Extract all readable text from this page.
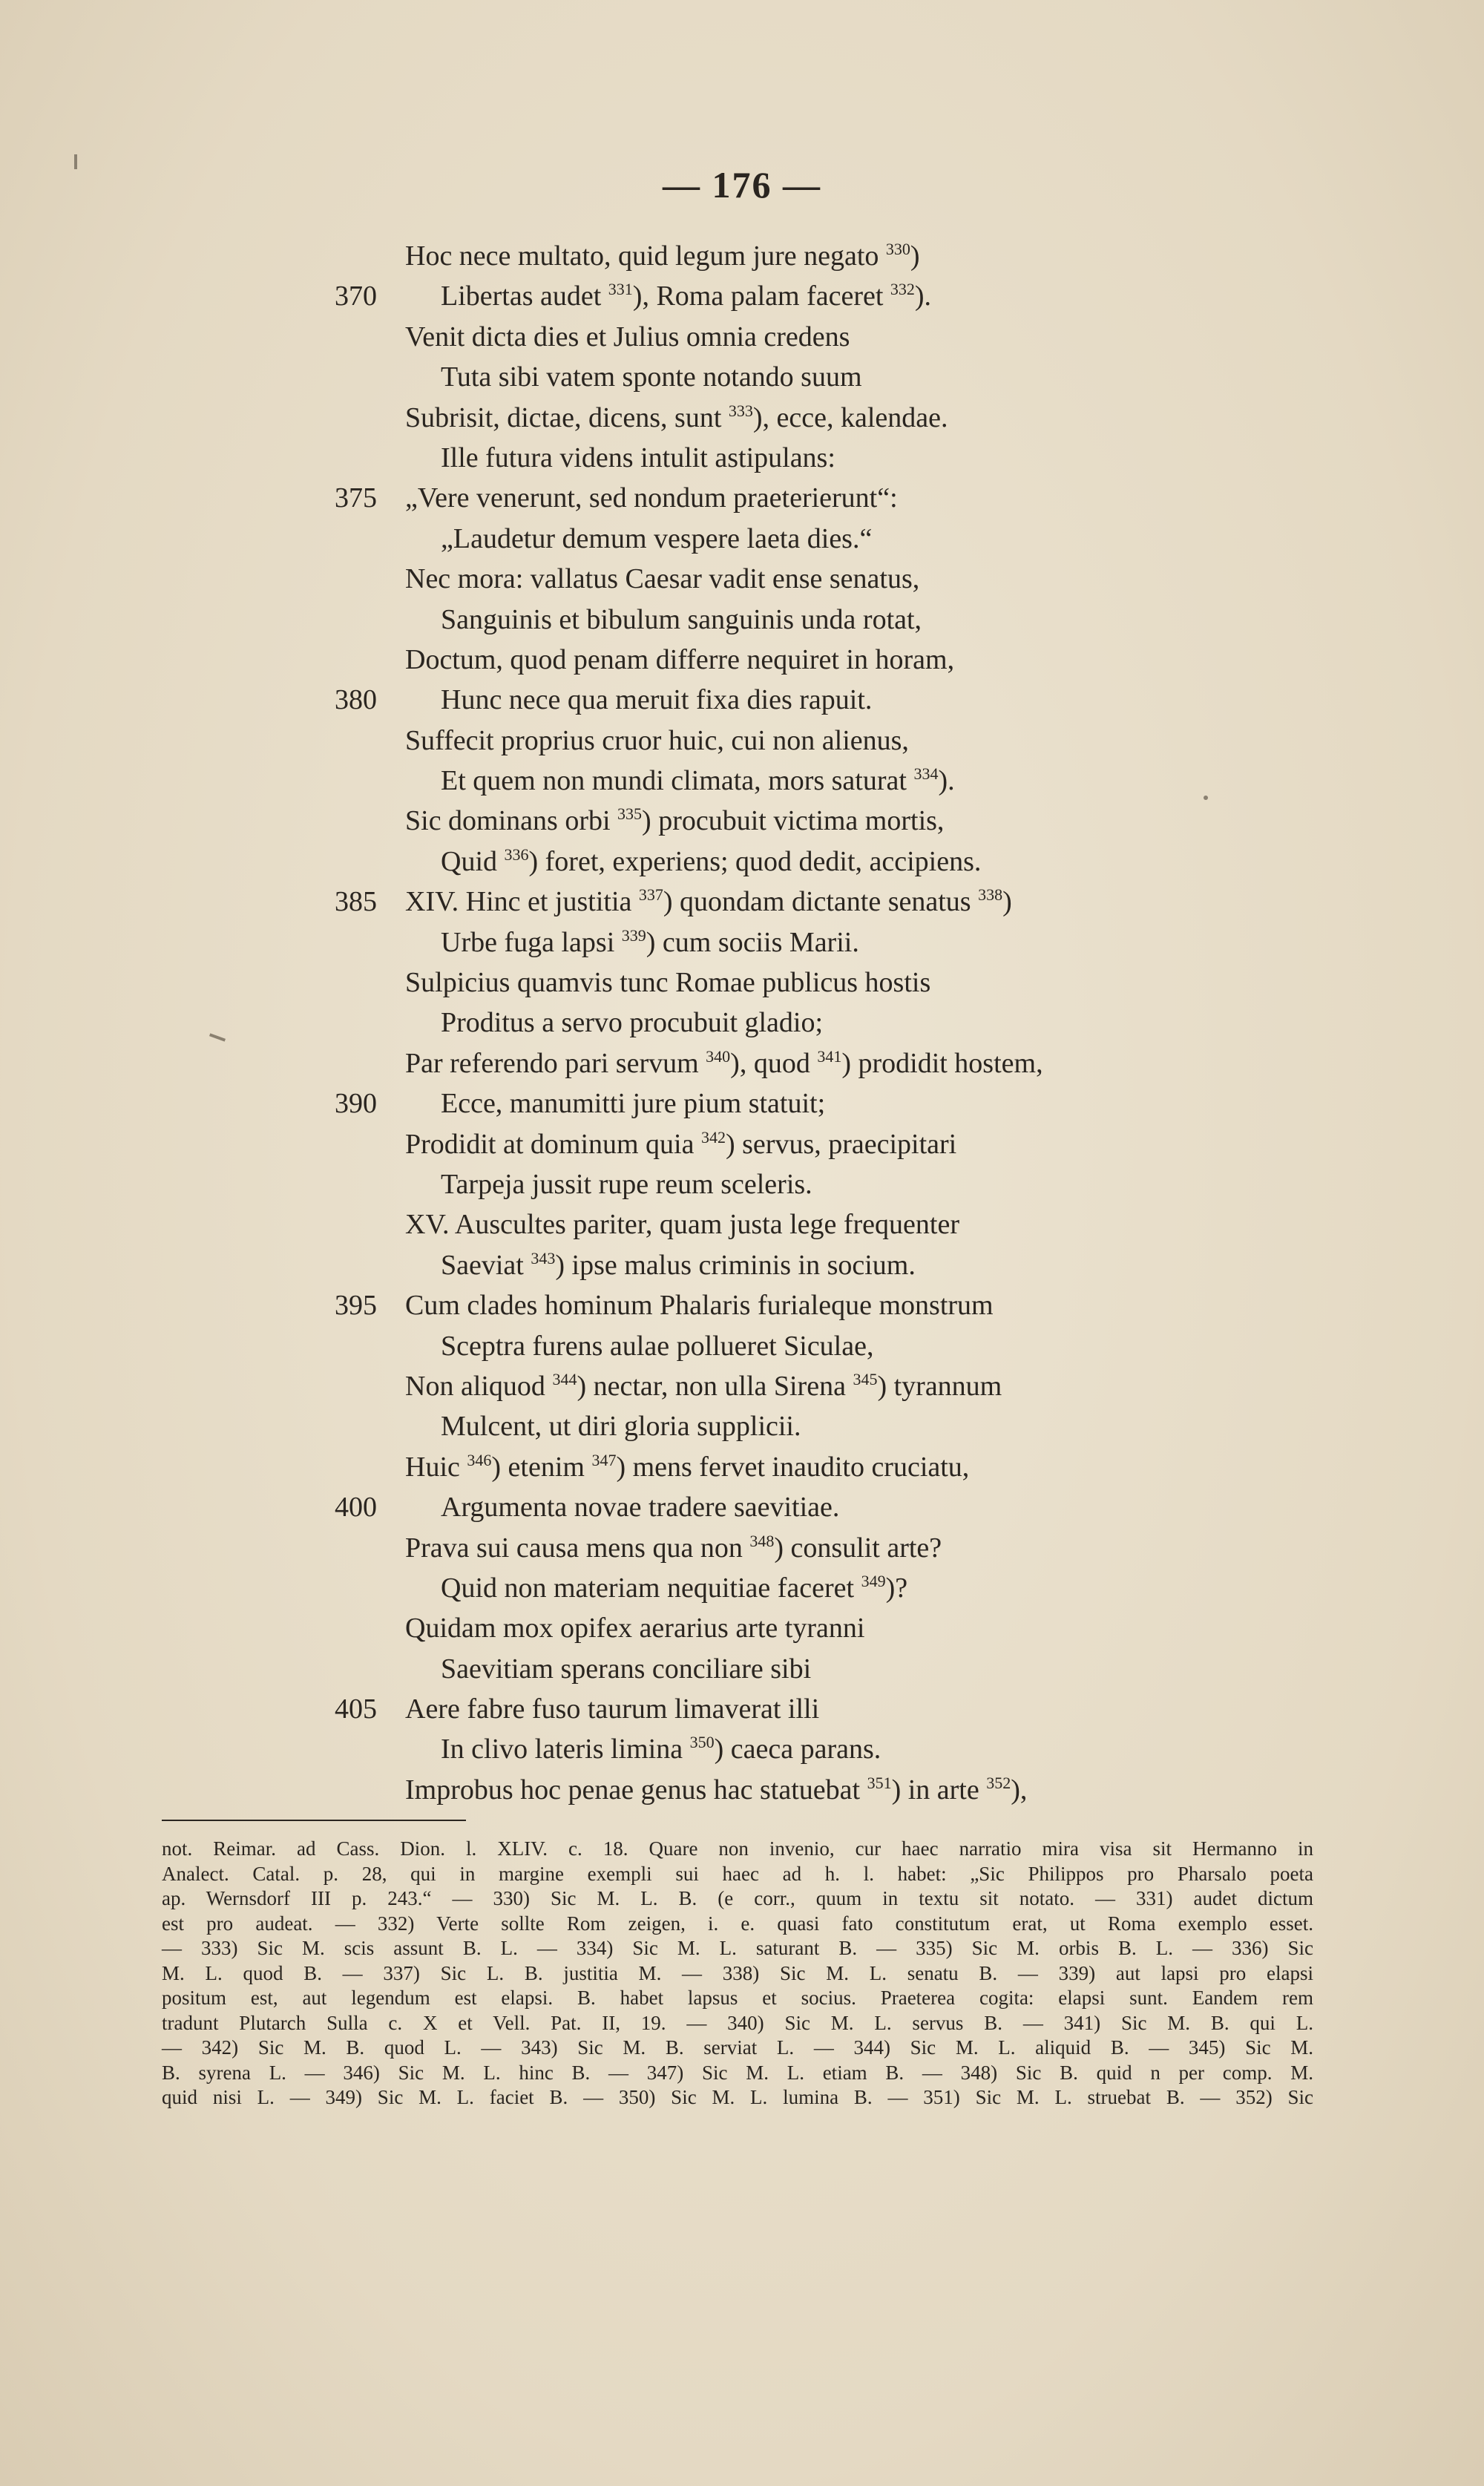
— 176 —
Hoc nece multato, quid legum jure negato $^{330}$)
370 Libertas audet $^{331}$), Roma palam faceret $^{332}$).
Venit dicta dies et Julius omnia credens
Tuta sibi vatem sponte notando suum
Subrisit, dictae, dicens, sunt $^{333}$), ecce, kalendae.
Ille futura videns intulit astipulans:
375 „Vere venerunt, sed nondum praeterierunt“:
„Laudetur demum vespere laeta dies.“
Nec mora: vallatus Caesar vadit ense senatus,
Sanguinis et bibulum sanguinis unda rotat,
Doctum, quod penam differre nequiret in horam,
380 Hunc nece qua meruit fixa dies rapuit.
Suffecit proprius cruor huic, cui non alienus,
Et quem non mundi climata, mors saturat $^{334}$).
Sic dominans orbi $^{335}$) procubuit victima mortis,
Quid $^{336}$) foret, experiens; quod dedit, accipiens.
385 XIV. Hinc et justitia $^{337}$) quondam dictante senatus $^{338}$)
Urbe fuga lapsi $^{339}$) cum sociis Marii.
Sulpicius quamvis tunc Romae publicus hostis
Proditus a servo procubuit gladio;
Par referendo pari servum $^{340}$), quod $^{341}$) prodidit hostem,
390 Ecce, manumitti jure pium statuit;
Prodidit at dominum quia $^{342}$) servus, praecipitari
Tarpeja jussit rupe reum sceleris.
XV. Auscultes pariter, quam justa lege frequenter
Saeviat $^{343}$) ipse malus criminis in socium.
395 Cum clades hominum Phalaris furialeque monstrum
Sceptra furens aulae pollueret Siculae,
Non aliquod $^{344}$) nectar, non ulla Sirena $^{345}$) tyrannum
Mulcent, ut diri gloria supplicii.
Huic $^{346}$) etenim $^{347}$) mens fervet inaudito cruciatu,
400 Argumenta novae tradere saevitiae.
Prava sui causa mens qua non $^{348}$) consulit arte?
Quid non materiam nequitiae faceret $^{349}$)?
Quidam mox opifex aerarius arte tyranni
Saevitiam sperans conciliare sibi
405 Aere fabre fuso taurum limaverat illi
In clivo lateris limina $^{350}$) caeca parans.
Improbus hoc penae genus hac statuebat $^{351}$) in arte $^{352}$),

not. Reimar. ad Cass. Dion. l. XLIV. c. 18. Quare non invenio, cur haec narratio mira visa sit Hermanno in

Analect. Catal. p. 28, qui in margine exempli sui haec ad h. l. habet: „Sic Philippos pro Pharsalo poeta

ap. Wernsdorf III p. 243.“ — 330) Sic M. L. B. (e corr., quum in textu sit notato. — 331) audet dictum

est pro audeat. — 332) Verte sollte Rom zeigen, i. e. quasi fato constitutum erat, ut Roma exemplo esset.

— 333) Sic M. scis assunt B. L. — 334) Sic M. L. saturant B. — 335) Sic M. orbis B. L. — 336) Sic

M. L. quod B. — 337) Sic L. B. justitia M. — 338) Sic M. L. senatu B. — 339) aut lapsi pro elapsi

positum est, aut legendum est elapsi. B. habet lapsus et socius. Praeterea cogita: elapsi sunt. Eandem rem

tradunt Plutarch Sulla c. X et Vell. Pat. II, 19. — 340) Sic M. L. servus B. — 341) Sic M. B. qui L.

— 342) Sic M. B. quod L. — 343) Sic M. B. serviat L. — 344) Sic M. L. aliquid B. — 345) Sic M.

B. syrena L. — 346) Sic M. L. hinc B. — 347) Sic M. L. etiam B. — 348) Sic B. quid n per comp. M.

quid nisi L. — 349) Sic M. L. faciet B. — 350) Sic M. L. lumina B. — 351) Sic M. L. struebat B. — 352) Sic
